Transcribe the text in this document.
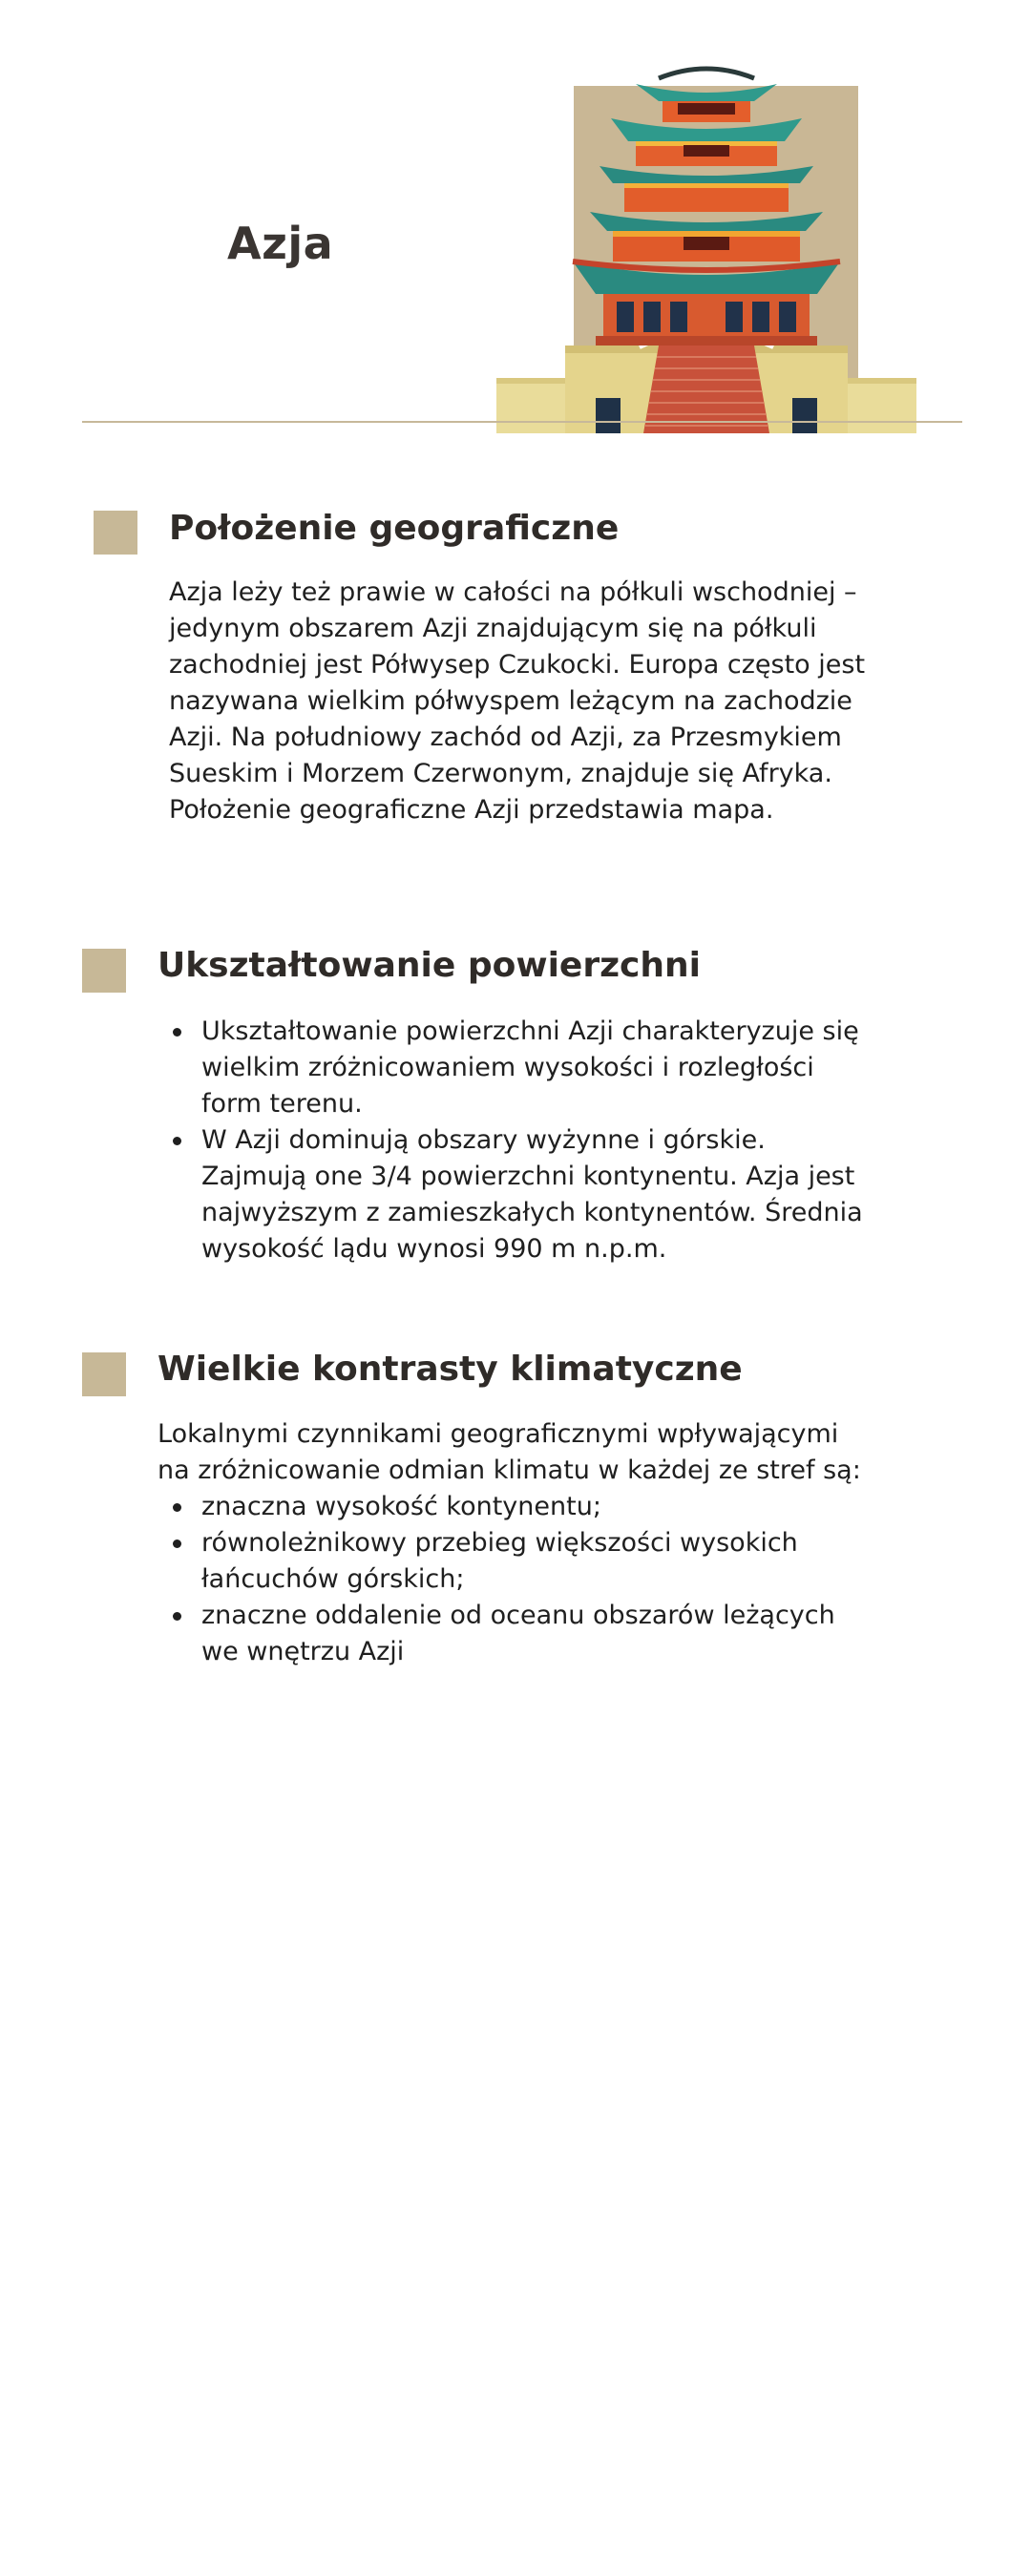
Azja
Położenie geograficzne

Azja leży też prawie w całości na półkuli wschodniej – jedynym obszarem Azji znajdującym się na półkuli zachodniej jest Półwysep Czukocki. Europa często jest nazywana wielkim półwyspem leżącym na zachodzie Azji. Na południowy zachód od Azji, za Przesmykiem Sueskim i Morzem Czerwonym, znajduje się Afryka. Położenie geograficzne Azji przedstawia mapa.

Ukształtowanie powierzchni
Ukształtowanie powierzchni Azji charakteryzuje się wielkim zróżnicowaniem wysokości i rozległości form terenu.
W Azji dominują obszary wyżynne i górskie. Zajmują one 3/4 powierzchni kontynentu. Azja jest najwyższym z zamieszkałych kontynentów. Średnia wysokość lądu wynosi 990 m n.p.m.
Wielkie kontrasty klimatyczne

Lokalnymi czynnikami geograficznymi wpływającymi na zróżnicowanie odmian klimatu w każdej ze stref są:

znaczna wysokość kontynentu;
równoleżnikowy przebieg większości wysokich łańcuchów górskich;
znaczne oddalenie od oceanu obszarów leżących we wnętrzu Azji
